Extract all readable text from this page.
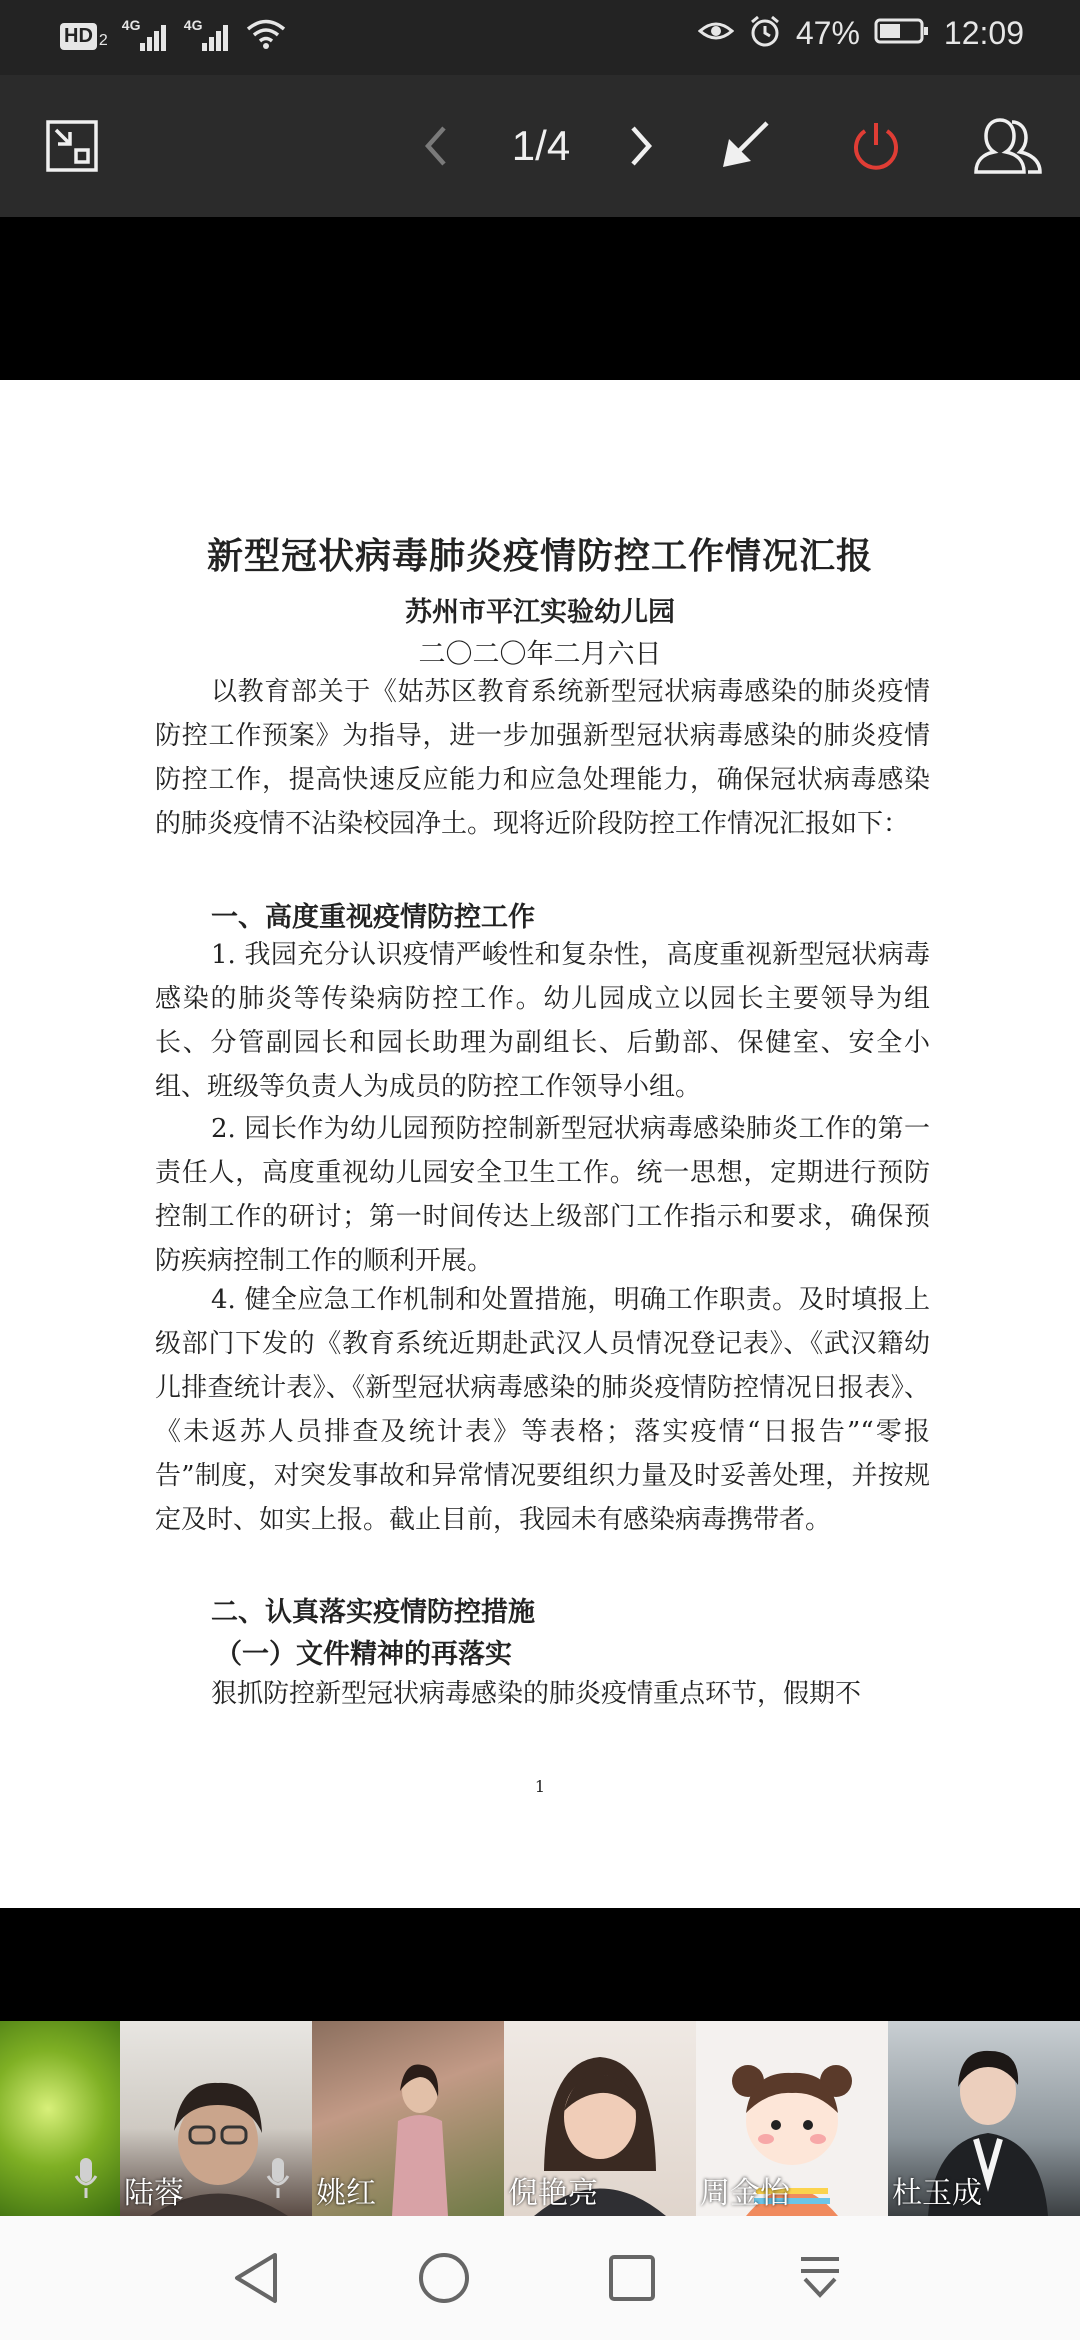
HD 2
4G	4G	47%	12:09
1/4
新型冠状病毒肺炎疫情防控工作情况汇报
苏州市平江实验幼儿园
二〇二〇年二月六日
以教育部关于《姑苏区教育系统新型冠状病毒感染的肺炎疫情防控工作预案》为指导，进一步加强新型冠状病毒感染的肺炎疫情防控工作，提高快速反应能力和应急处理能力，确保冠状病毒感染的肺炎疫情不沾染校园净土。现将近阶段防控工作情况汇报如下：
一、高度重视疫情防控工作
1. 我园充分认识疫情严峻性和复杂性，高度重视新型冠状病毒感染的肺炎等传染病防控工作。幼儿园成立以园长主要领导为组长、分管副园长和园长助理为副组长、后勤部、保健室、安全小组、班级等负责人为成员的防控工作领导小组。
2. 园长作为幼儿园预防控制新型冠状病毒感染肺炎工作的第一责任人，高度重视幼儿园安全卫生工作。统一思想，定期进行预防控制工作的研讨；第一时间传达上级部门工作指示和要求，确保预防疾病控制工作的顺利开展。
4. 健全应急工作机制和处置措施，明确工作职责。及时填报上级部门下发的《教育系统近期赴武汉人员情况登记表》、《武汉籍幼儿排查统计表》、《新型冠状病毒感染的肺炎疫情防控情况日报表》、《未返苏人员排查及统计表》等表格；落实疫情“日报告”“零报告”制度，对突发事故和异常情况要组织力量及时妥善处理，并按规定及时、如实上报。截止目前，我园未有感染病毒携带者。
二、认真落实疫情防控措施
（一）文件精神的再落实
狠抓防控新型冠状病毒感染的肺炎疫情重点环节，假期不
1
陆蓉	姚红	倪艳亮	周金怡	杜玉成
